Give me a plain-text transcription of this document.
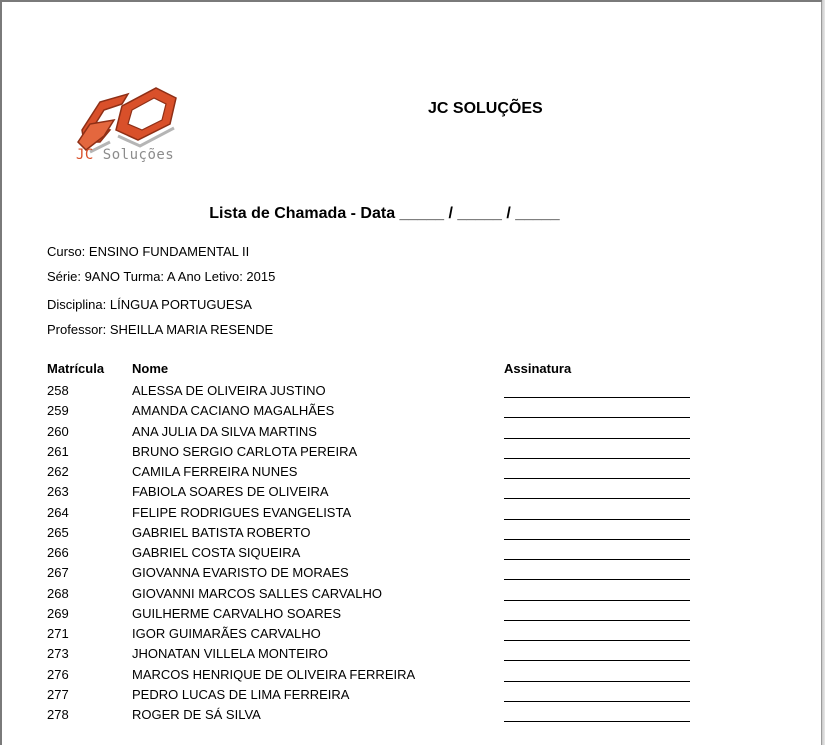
JC Soluções
JC SOLUÇÕES
Lista de Chamada - Data _____ / _____ / _____
Curso: ENSINO FUNDAMENTAL II
Série: 9ANO Turma: A Ano Letivo: 2015
Disciplina: LÍNGUA PORTUGUESA
Professor: SHEILLA MARIA RESENDE
Matrícula Nome	Assinatura
258	ALESSA DE OLIVEIRA JUSTINO
259	AMANDA CACIANO MAGALHÃES
260	ANA JULIA DA SILVA MARTINS
261	BRUNO SERGIO CARLOTA PEREIRA
262	CAMILA FERREIRA NUNES
263	FABIOLA SOARES DE OLIVEIRA
264	FELIPE RODRIGUES EVANGELISTA
265	GABRIEL BATISTA ROBERTO
266	GABRIEL COSTA SIQUEIRA
267	GIOVANNA EVARISTO DE MORAES
268	GIOVANNI MARCOS SALLES CARVALHO
269	GUILHERME CARVALHO SOARES
271	IGOR GUIMARÃES CARVALHO
273	JHONATAN VILLELA MONTEIRO
276	MARCOS HENRIQUE DE OLIVEIRA FERREIRA
277	PEDRO LUCAS DE LIMA FERREIRA
278	ROGER DE SÁ SILVA
